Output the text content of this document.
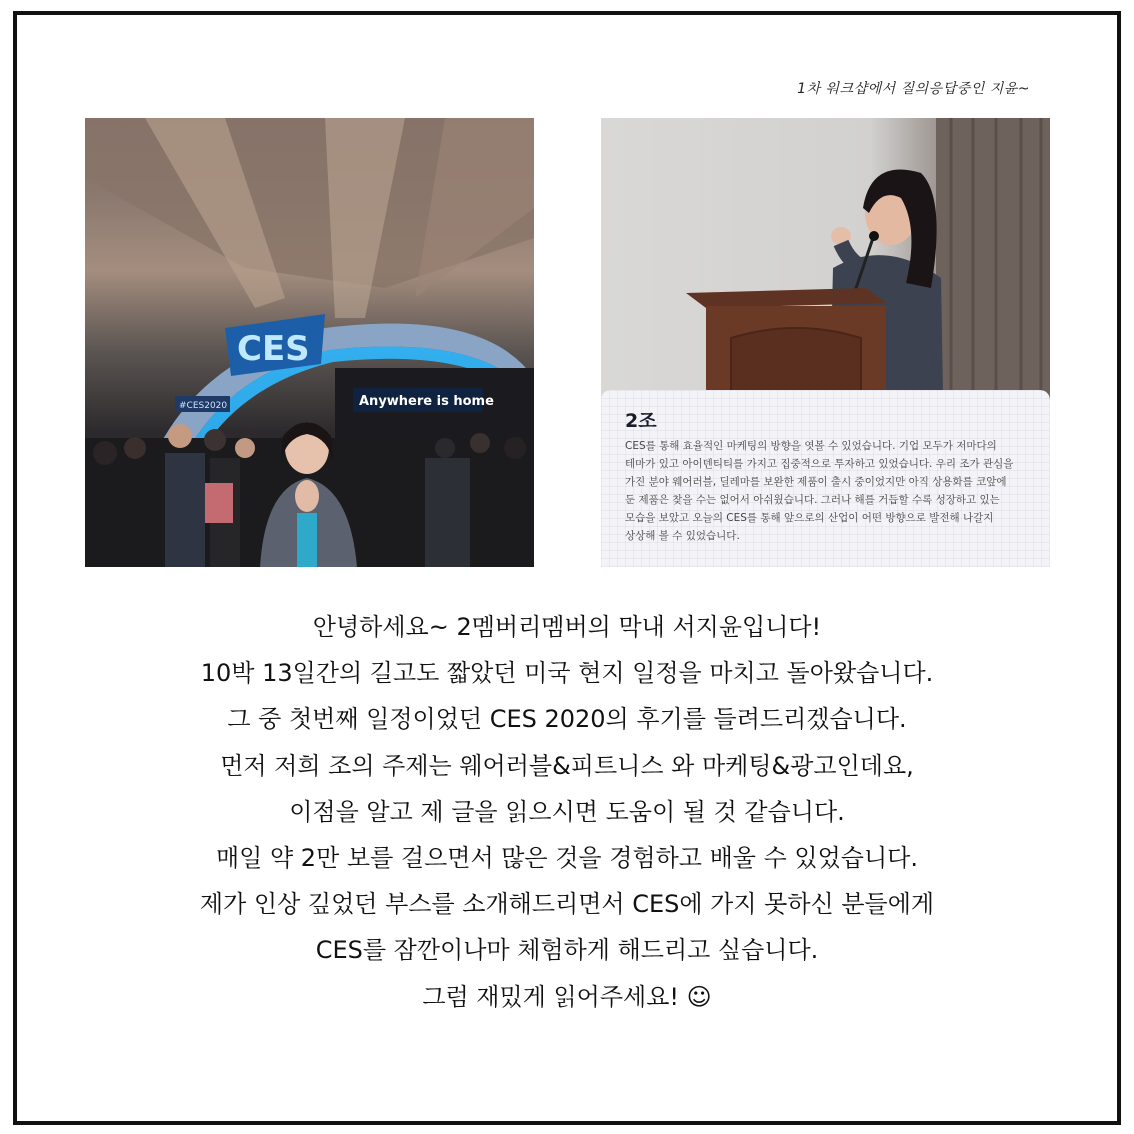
1차 워크샵에서 질의응답중인 지윤~
CES
Anywhere is home
#CES2020
2조
CES를 통해 효율적인 마케팅의 방향을 엿볼 수 있었습니다. 기업 모두가 저마다의
테마가 있고 아이덴티티를 가지고 집중적으로 투자하고 있었습니다. 우리 조가 관심을
가진 분야 웨어러블, 딜레마를 보완한 제품이 출시 중이었지만 아직 상용화를 코앞에
둔 제품은 찾을 수는 없어서 아쉬웠습니다. 그러나 해를 거듭할 수록 성장하고 있는
모습을 보았고 오늘의 CES를 통해 앞으로의 산업이 어떤 방향으로 발전해 나갈지
상상해 볼 수 있었습니다.
안녕하세요~ 2멤버리멤버의 막내 서지윤입니다!
10박 13일간의 길고도 짧았던 미국 현지 일정을 마치고 돌아왔습니다.
그 중 첫번째 일정이었던 CES 2020의 후기를 들려드리겠습니다.
먼저 저희 조의 주제는 웨어러블&피트니스 와 마케팅&광고인데요,
이점을 알고 제 글을 읽으시면 도움이 될 것 같습니다.
매일 약 2만 보를 걸으면서 많은 것을 경험하고 배울 수 있었습니다.
제가 인상 깊었던 부스를 소개해드리면서 CES에 가지 못하신 분들에게
CES를 잠깐이나마 체험하게 해드리고 싶습니다.
그럼 재밌게 읽어주세요! ☺
